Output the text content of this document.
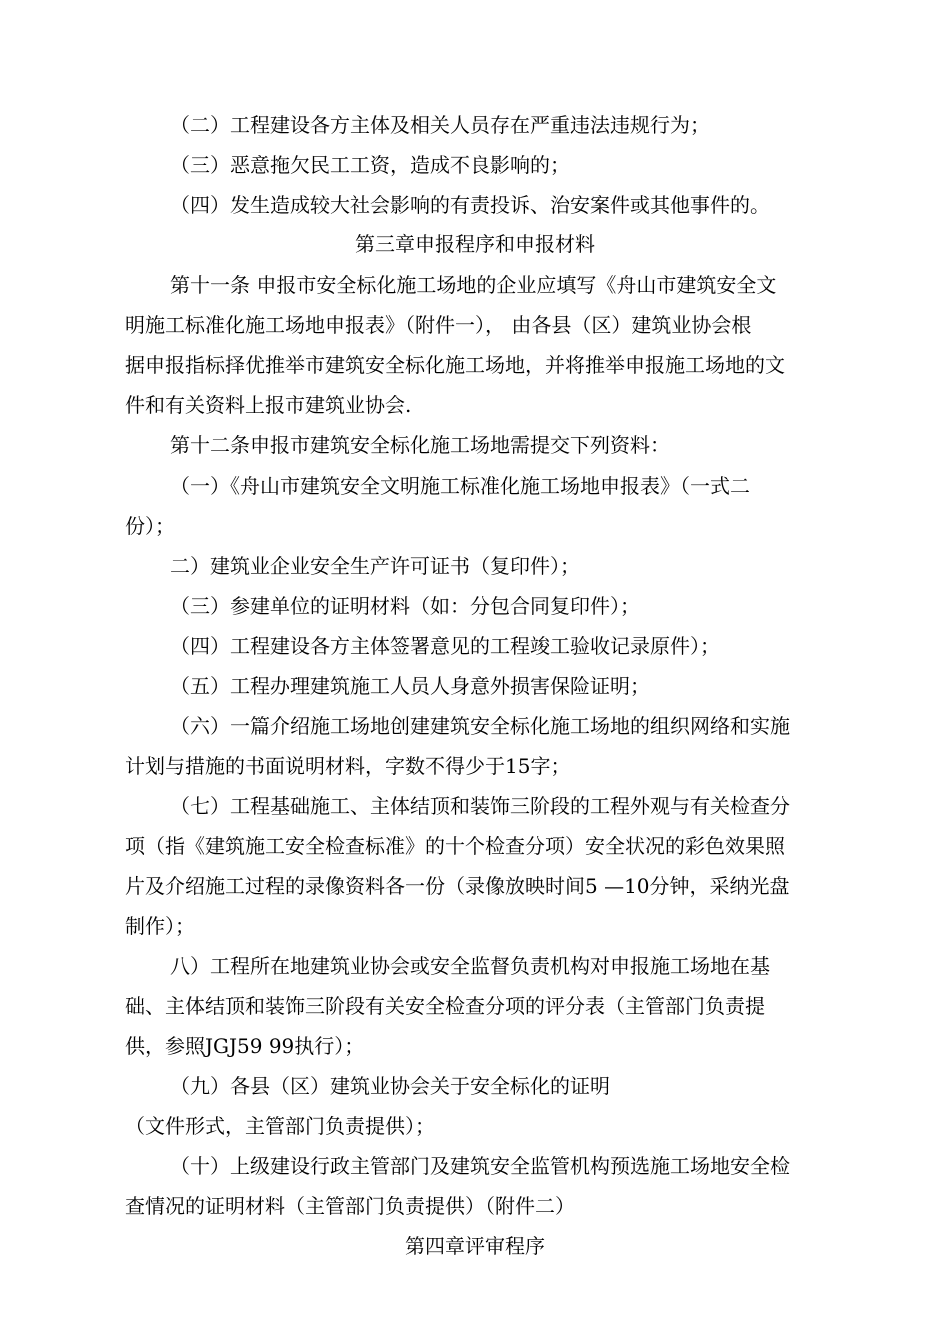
（二）工程建设各方主体及相关人员存在严重违法违规行为；
（三）恶意拖欠民工工资，造成不良影响的；
（四）发生造成较大社会影响的有责投诉、治安案件或其他事件的。
第三章申报程序和申报材料
第十一条 申报市安全标化施工场地的企业应填写《舟山市建筑安全文
明施工标准化施工场地申报表》（附件一）， 由各县（区）建筑业协会根
据申报指标择优推举市建筑安全标化施工场地，并将推举申报施工场地的文
件和有关资料上报市建筑业协会.
第十二条申报市建筑安全标化施工场地需提交下列资料：
（一）《舟山市建筑安全文明施工标准化施工场地申报表》（一式二
份）；
二）建筑业企业安全生产许可证书（复印件）；
（三）参建单位的证明材料（如：分包合同复印件）；
（四）工程建设各方主体签署意见的工程竣工验收记录原件）；
（五）工程办理建筑施工人员人身意外损害保险证明；
（六）一篇介绍施工场地创建建筑安全标化施工场地的组织网络和实施
计划与措施的书面说明材料，字数不得少于15字；
（七）工程基础施工、主体结顶和装饰三阶段的工程外观与有关检查分
项（指《建筑施工安全检查标准》的十个检查分项）安全状况的彩色效果照
片及介绍施工过程的录像资料各一份（录像放映时间5 —10分钟，采纳光盘
制作）；
八）工程所在地建筑业协会或安全监督负责机构对申报施工场地在基
础、主体结顶和装饰三阶段有关安全检查分项的评分表（主管部门负责提
供，参照JGJ59 99执行）；
（九）各县（区）建筑业协会关于安全标化的证明
（文件形式，主管部门负责提供）；
（十）上级建设行政主管部门及建筑安全监管机构预选施工场地安全检
查情况的证明材料（主管部门负责提供）（附件二）
第四章评审程序
